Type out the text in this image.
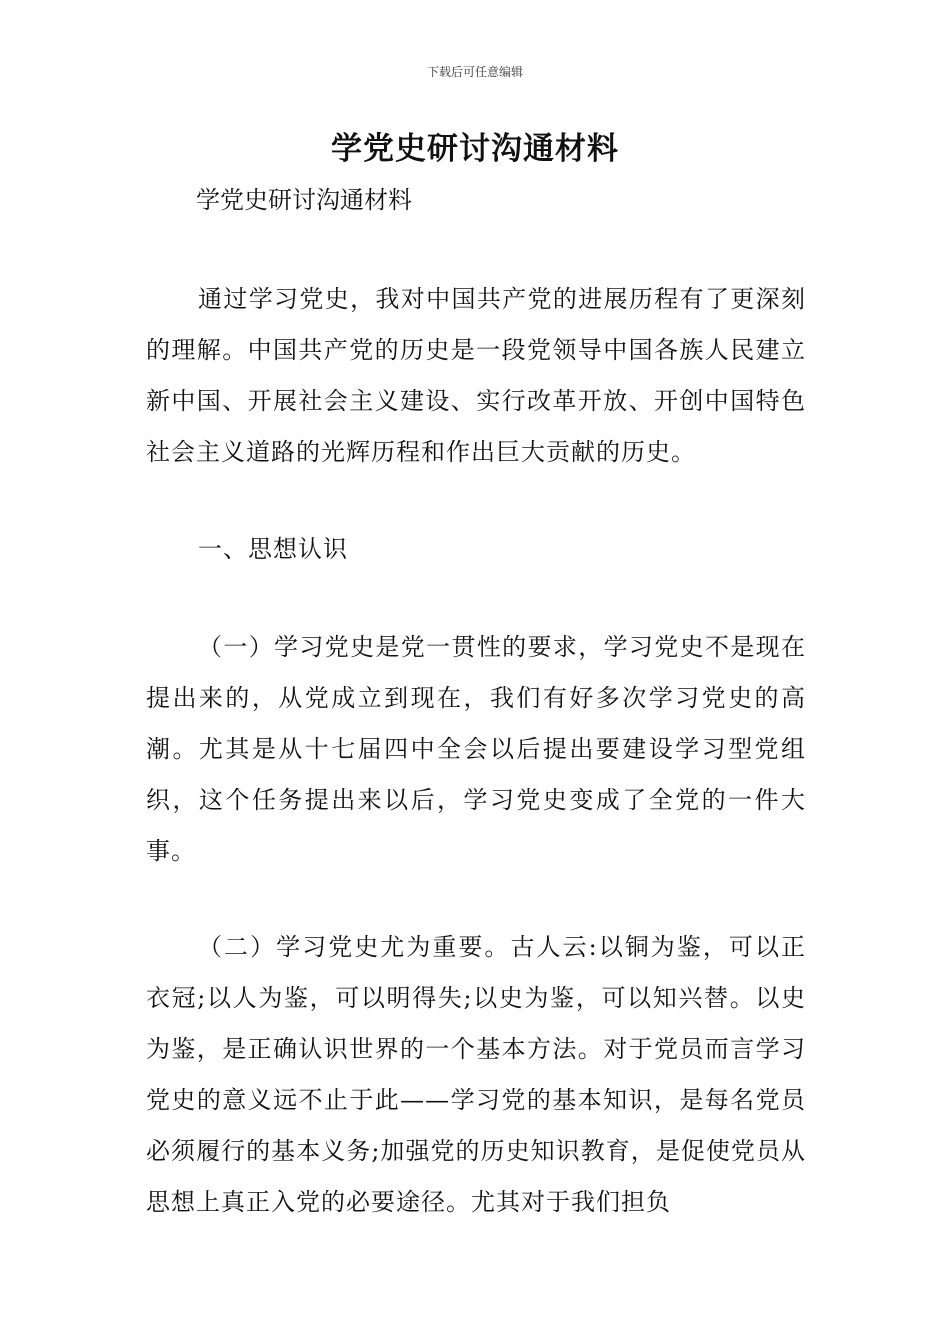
下载后可任意编辑
学党史研讨沟通材料
学党史研讨沟通材料

通过学习党史，我对中国共产党的进展历程有了更深刻的理解。中国共产党的历史是一段党领导中国各族人民建立新中国、开展社会主义建设、实行改革开放、开创中国特色社会主义道路的光辉历程和作出巨大贡献的历史。

一、思想认识

（一）学习党史是党一贯性的要求，学习党史不是现在提出来的，从党成立到现在，我们有好多次学习党史的高潮。尤其是从十七届四中全会以后提出要建设学习型党组织，这个任务提出来以后，学习党史变成了全党的一件大事。

（二）学习党史尤为重要。古人云:以铜为鉴，可以正衣冠;以人为鉴，可以明得失;以史为鉴，可以知兴替。以史为鉴，是正确认识世界的一个基本方法。对于党员而言学习党史的意义远不止于此——学习党的基本知识，是每名党员必须履行的基本义务;加强党的历史知识教育，是促使党员从思想上真正入党的必要途径。尤其对于我们担负
